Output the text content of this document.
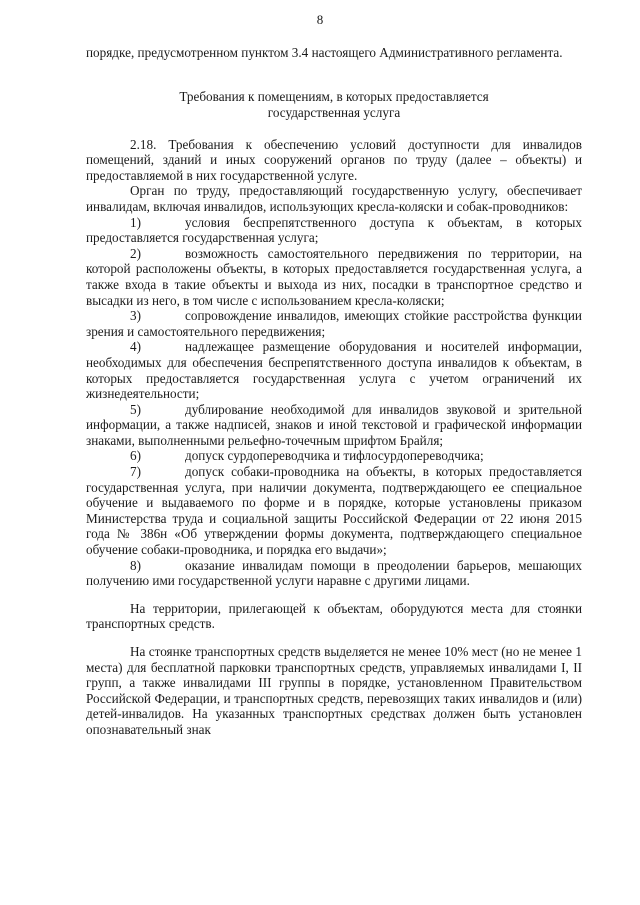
8

порядке, предусмотренном пунктом 3.4 настоящего Административного регламента.

Требования к помещениям, в которых предоставляется
государственная услуга

2.18. Требования к обеспечению условий доступности для инвалидов помещений, зданий и иных сооружений органов по труду (далее – объекты) и предоставляемой в них государственной услуге.

Орган по труду, предоставляющий государственную услугу, обеспечивает инвалидам, включая инвалидов, использующих кресла-коляски и собак-проводников:

1)	условия беспрепятственного доступа к объектам, в которых предоставляется государственная услуга;

2)	возможность самостоятельного передвижения по территории, на которой расположены объекты, в которых предоставляется государственная услуга, а также входа в такие объекты и выхода из них, посадки в транспортное средство и высадки из него, в том числе с использованием кресла-коляски;

3)	сопровождение инвалидов, имеющих стойкие расстройства функции зрения и самостоятельного передвижения;

4)	надлежащее размещение оборудования и носителей информации, необходимых для обеспечения беспрепятственного доступа инвалидов к объектам, в которых предоставляется государственная услуга с учетом ограничений их жизнедеятельности;

5)	дублирование необходимой для инвалидов звуковой и зрительной информации, а также надписей, знаков и иной текстовой и графической информации знаками, выполненными рельефно-точечным шрифтом Брайля;

6)	допуск сурдопереводчика и тифлосурдопереводчика;

7)	допуск собаки-проводника на объекты, в которых предоставляется государственная услуга, при наличии документа, подтверждающего ее специальное обучение и выдаваемого по форме и в порядке, которые установлены приказом Министерства труда и социальной защиты Российской Федерации от 22 июня 2015 года № 386н «Об утверждении формы документа, подтверждающего специальное обучение собаки-проводника, и порядка его выдачи»;

8)	оказание инвалидам помощи в преодолении барьеров, мешающих получению ими государственной услуги наравне с другими лицами.

На территории, прилегающей к объектам, оборудуются места для стоянки транспортных средств.

На стоянке транспортных средств выделяется не менее 10% мест (но не менее 1 места) для бесплатной парковки транспортных средств, управляемых инвалидами I, II групп, а также инвалидами III группы в порядке, установленном Правительством Российской Федерации, и транспортных средств, перевозящих таких инвалидов и (или) детей-инвалидов. На указанных транспортных средствах должен быть установлен опознавательный знак
